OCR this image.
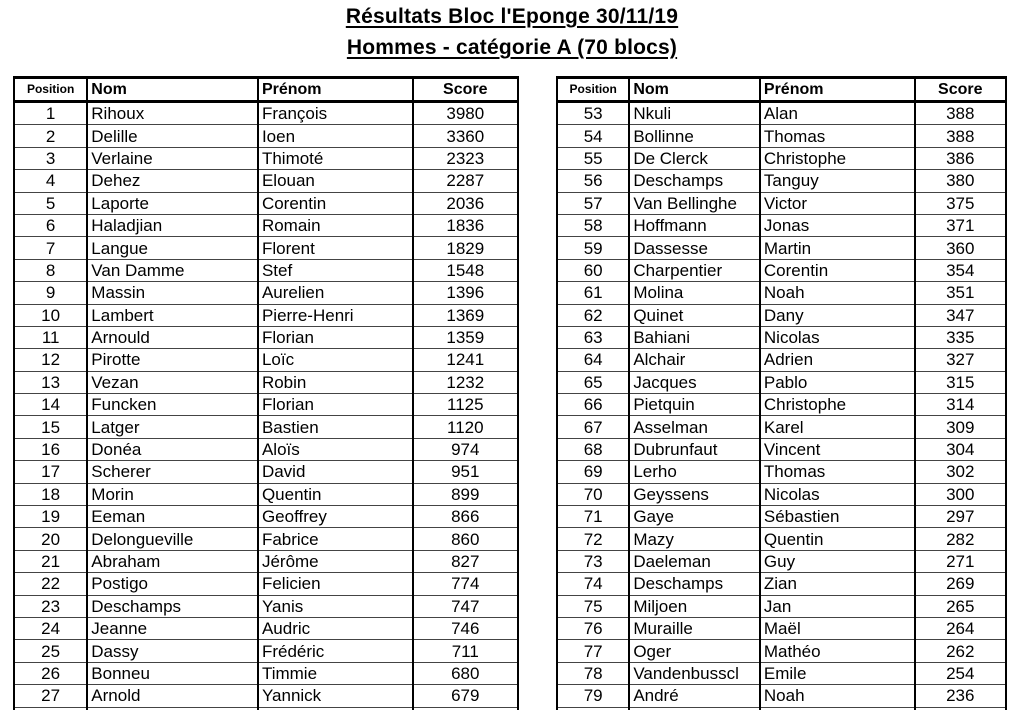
Résultats Bloc l'Eponge 30/11/19
Hommes - catégorie A (70 blocs)
Position	Nom	Prénom	Score
1	Rihoux	François	3980
2	Delille	Ioen	3360
3	Verlaine	Thimoté	2323
4	Dehez	Elouan	2287
5	Laporte	Corentin	2036
6	Haladjian	Romain	1836
7	Langue	Florent	1829
8	Van Damme	Stef	1548
9	Massin	Aurelien	1396
10	Lambert	Pierre-Henri	1369
11	Arnould	Florian	1359
12	Pirotte	Loïc	1241
13	Vezan	Robin	1232
14	Funcken	Florian	1125
15	Latger	Bastien	1120
16	Donéa	Aloïs	974
17	Scherer	David	951
18	Morin	Quentin	899
19	Eeman	Geoffrey	866
20	Delongueville	Fabrice	860
21	Abraham	Jérôme	827
22	Postigo	Felicien	774
23	Deschamps	Yanis	747
24	Jeanne	Audric	746
25	Dassy	Frédéric	711
26	Bonneu	Timmie	680
27	Arnold	Yannick	679

Position	Nom	Prénom	Score
53	Nkuli	Alan	388
54	Bollinne	Thomas	388
55	De Clerck	Christophe	386
56	Deschamps	Tanguy	380
57	Van Bellinghe	Victor	375
58	Hoffmann	Jonas	371
59	Dassesse	Martin	360
60	Charpentier	Corentin	354
61	Molina	Noah	351
62	Quinet	Dany	347
63	Bahiani	Nicolas	335
64	Alchair	Adrien	327
65	Jacques	Pablo	315
66	Pietquin	Christophe	314
67	Asselman	Karel	309
68	Dubrunfaut	Vincent	304
69	Lerho	Thomas	302
70	Geyssens	Nicolas	300
71	Gaye	Sébastien	297
72	Mazy	Quentin	282
73	Daeleman	Guy	271
74	Deschamps	Zian	269
75	Miljoen	Jan	265
76	Muraille	Maël	264
77	Oger	Mathéo	262
78	Vandenbusscl	Emile	254
79	André	Noah	236
